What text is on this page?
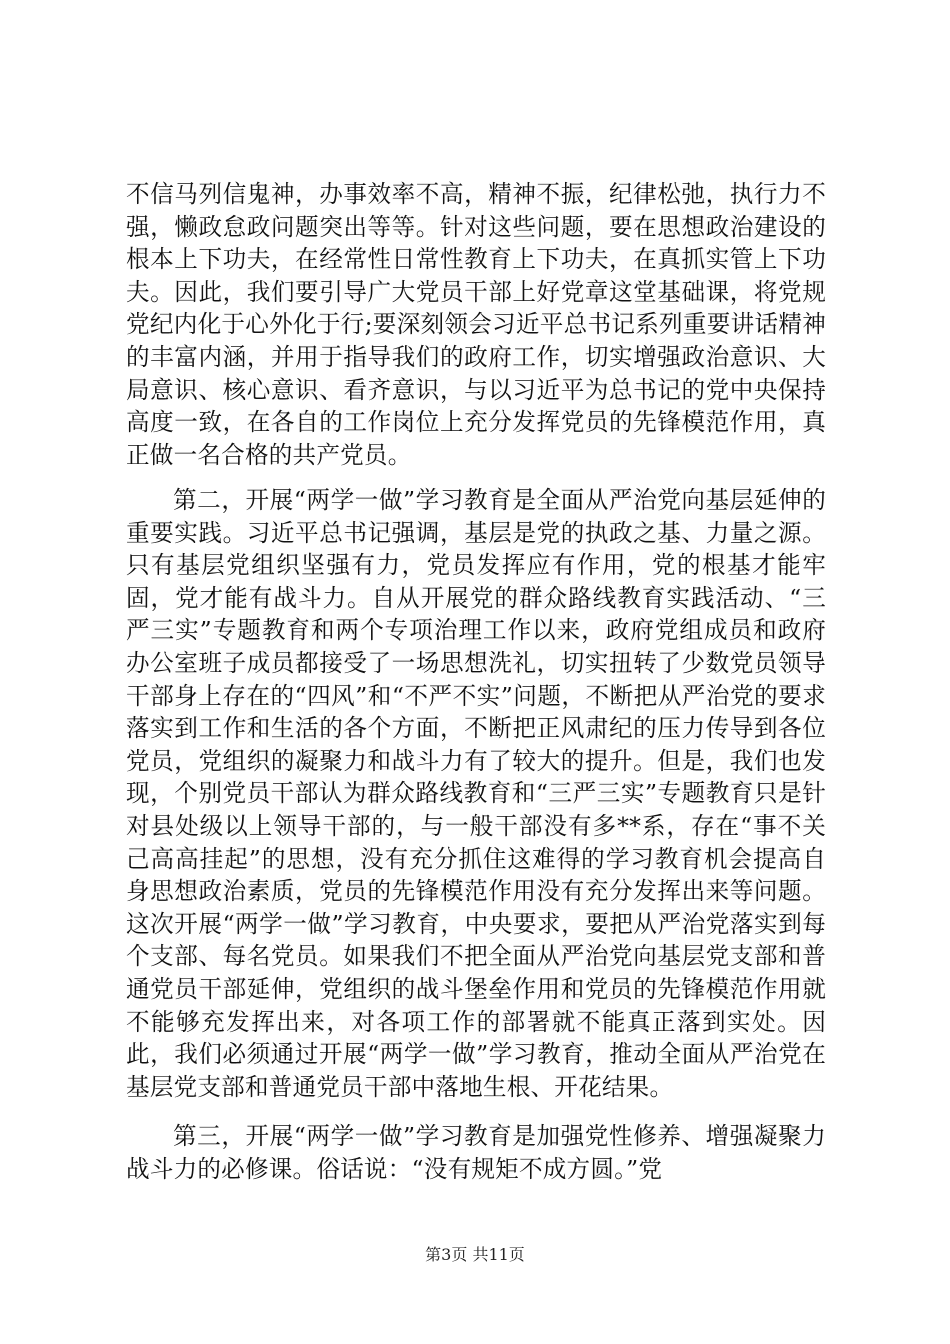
不信马列信鬼神，办事效率不高，精神不振，纪律松弛，执行力不强，懒政怠政问题突出等等。针对这些问题，要在思想政治建设的根本上下功夫，在经常性日常性教育上下功夫，在真抓实管上下功夫。因此，我们要引导广大党员干部上好党章这堂基础课，将党规党纪内化于心外化于行;要深刻领会习近平总书记系列重要讲话精神的丰富内涵，并用于指导我们的政府工作，切实增强政治意识、大局意识、核心意识、看齐意识，与以习近平为总书记的党中央保持高度一致，在各自的工作岗位上充分发挥党员的先锋模范作用，真正做一名合格的共产党员。

第二，开展“两学一做”学习教育是全面从严治党向基层延伸的重要实践。习近平总书记强调，基层是党的执政之基、力量之源。只有基层党组织坚强有力，党员发挥应有作用，党的根基才能牢固，党才能有战斗力。自从开展党的群众路线教育实践活动、“三严三实”专题教育和两个专项治理工作以来，政府党组成员和政府办公室班子成员都接受了一场思想洗礼，切实扭转了少数党员领导干部身上存在的“四风”和“不严不实”问题，不断把从严治党的要求落实到工作和生活的各个方面，不断把正风肃纪的压力传导到各位党员，党组织的凝聚力和战斗力有了较大的提升。但是，我们也发现，个别党员干部认为群众路线教育和“三严三实”专题教育只是针对县处级以上领导干部的，与一般干部没有多**系，存在“事不关己高高挂起”的思想，没有充分抓住这难得的学习教育机会提高自身思想政治素质，党员的先锋模范作用没有充分发挥出来等问题。这次开展“两学一做”学习教育，中央要求，要把从严治党落实到每个支部、每名党员。如果我们不把全面从严治党向基层党支部和普通党员干部延伸，党组织的战斗堡垒作用和党员的先锋模范作用就不能够充发挥出来，对各项工作的部署就不能真正落到实处。因此，我们必须通过开展“两学一做”学习教育，推动全面从严治党在基层党支部和普通党员干部中落地生根、开花结果。

第三，开展“两学一做”学习教育是加强党性修养、增强凝聚力战斗力的必修课。俗话说：“没有规矩不成方圆。”党

第3页 共11页
